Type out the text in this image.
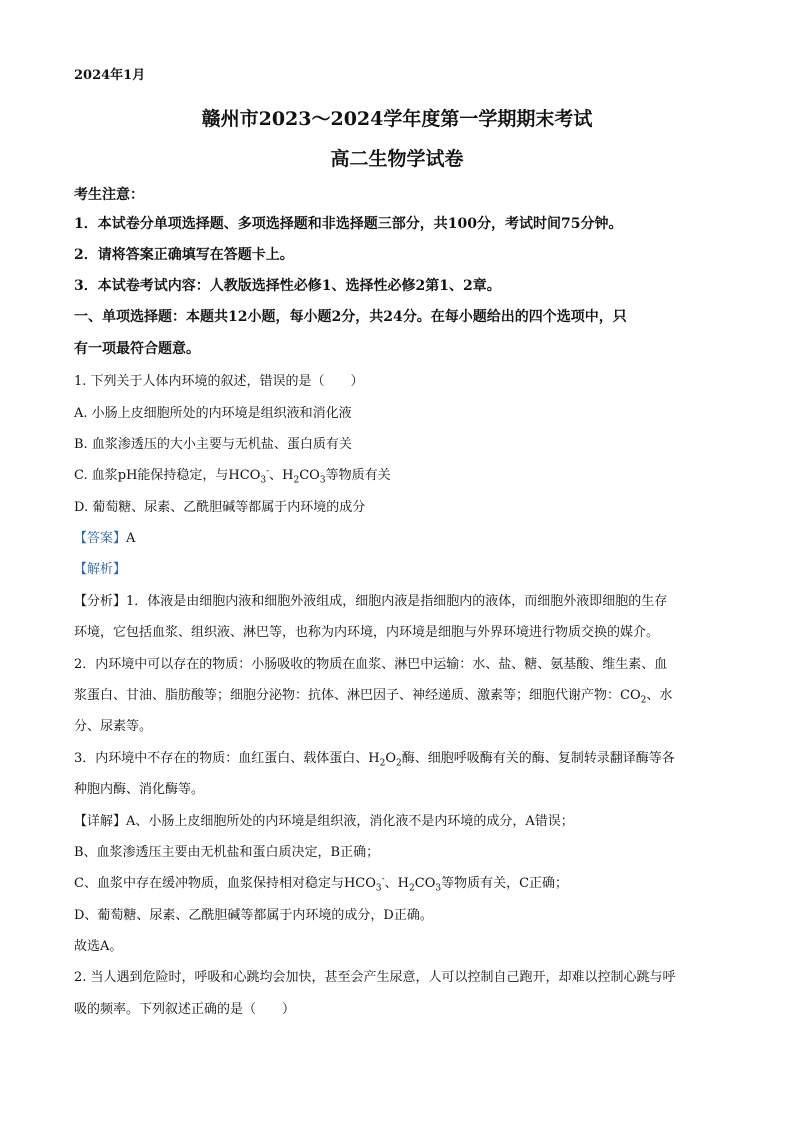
2024年1月
赣州市2023～2024学年度第一学期期末考试
高二生物学试卷
考生注意：
1．本试卷分单项选择题、多项选择题和非选择题三部分，共100分，考试时间75分钟。
2．请将答案正确填写在答题卡上。
3．本试卷考试内容：人教版选择性必修1、选择性必修2第1、2章。
一、单项选择题：本题共12小题，每小题2分，共24分。在每小题给出的四个选项中，只
有一项最符合题意。
1. 下列关于人体内环境的叙述，错误的是（　　）
A. 小肠上皮细胞所处的内环境是组织液和消化液
B. 血浆渗透压的大小主要与无机盐、蛋白质有关
C. 血浆pH能保持稳定，与$HCO_3^-$、$H_2CO_3$等物质有关
D. 葡萄糖、尿素、乙酰胆碱等都属于内环境的成分
【答案】A
【解析】
【分析】1．体液是由细胞内液和细胞外液组成，细胞内液是指细胞内的液体，而细胞外液即细胞的生存
环境，它包括血浆、组织液、淋巴等，也称为内环境，内环境是细胞与外界环境进行物质交换的媒介。
2．内环境中可以存在的物质：小肠吸收的物质在血浆、淋巴中运输：水、盐、糖、氨基酸、维生素、血
浆蛋白、甘油、脂肪酸等；细胞分泌物：抗体、淋巴因子、神经递质、激素等；细胞代谢产物：$CO_2$、水
分、尿素等。
3．内环境中不存在的物质：血红蛋白、载体蛋白、$H_2O_2$酶、细胞呼吸酶有关的酶、复制转录翻译酶等各
种胞内酶、消化酶等。
【详解】A、小肠上皮细胞所处的内环境是组织液，消化液不是内环境的成分，A错误；
B、血浆渗透压主要由无机盐和蛋白质决定，B正确；
C、血浆中存在缓冲物质，血浆保持相对稳定与$HCO_3^-$、$H_2CO_3$等物质有关，C正确；
D、葡萄糖、尿素、乙酰胆碱等都属于内环境的成分，D正确。
故选A。
2. 当人遇到危险时，呼吸和心跳均会加快，甚至会产生尿意，人可以控制自己跑开，却难以控制心跳与呼
吸的频率。下列叙述正确的是（　　）
